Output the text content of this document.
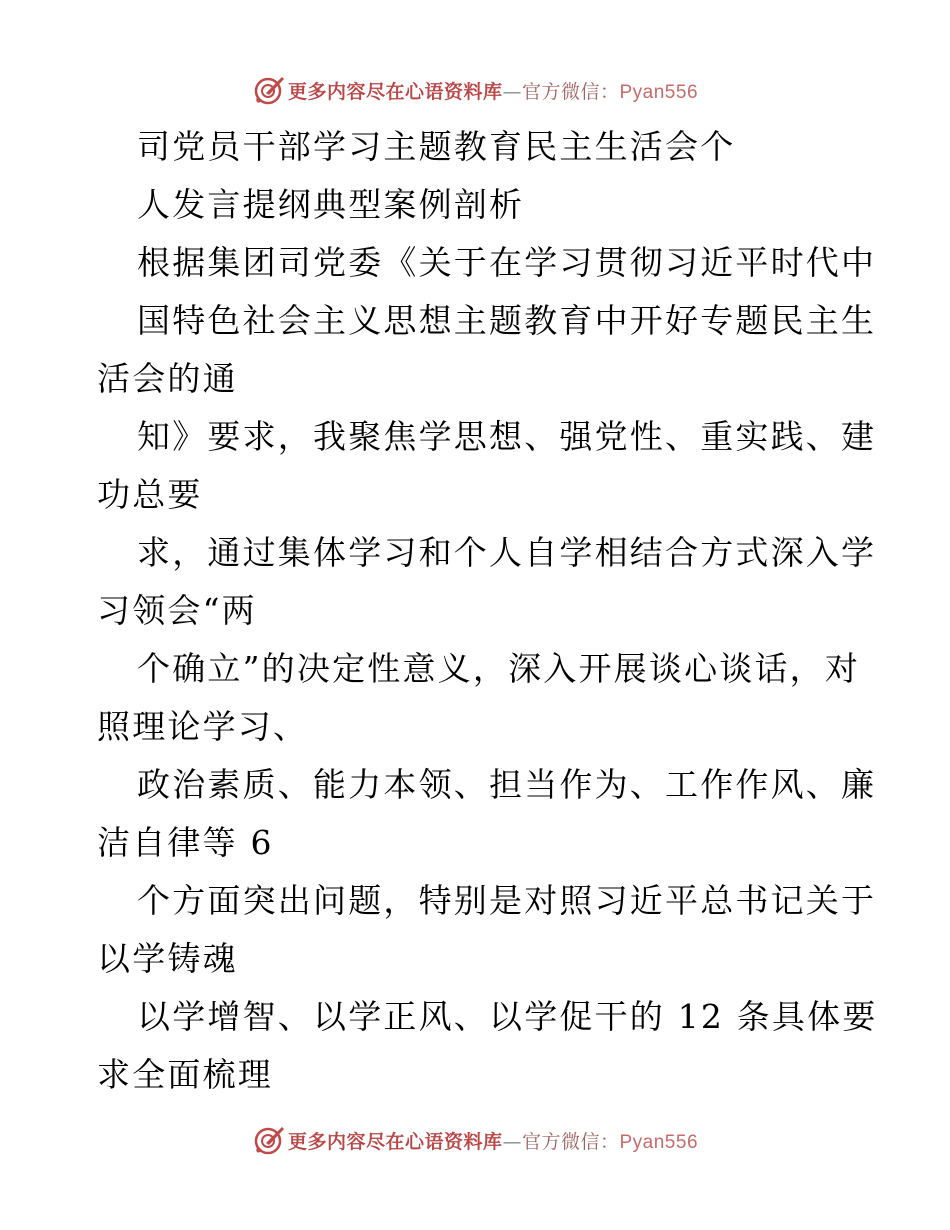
更多内容尽在心语资料库—官方微信：Pyan556
司党员干部学习主题教育民主生活会个
人发言提纲典型案例剖析
根据集团司党委《关于在学习贯彻习近平时代中
国特色社会主义思想主题教育中开好专题民主生
活会的通
知》要求，我聚焦学思想、强党性、重实践、建
功总要
求，通过集体学习和个人自学相结合方式深入学
习领会“两
个确立”的决定性意义，深入开展谈心谈话，对
照理论学习、
政治素质、能力本领、担当作为、工作作风、廉
洁自律等 6
个方面突出问题，特别是对照习近平总书记关于
以学铸魂
以学增智、以学正风、以学促干的 12 条具体要
求全面梳理
更多内容尽在心语资料库—官方微信：Pyan556
